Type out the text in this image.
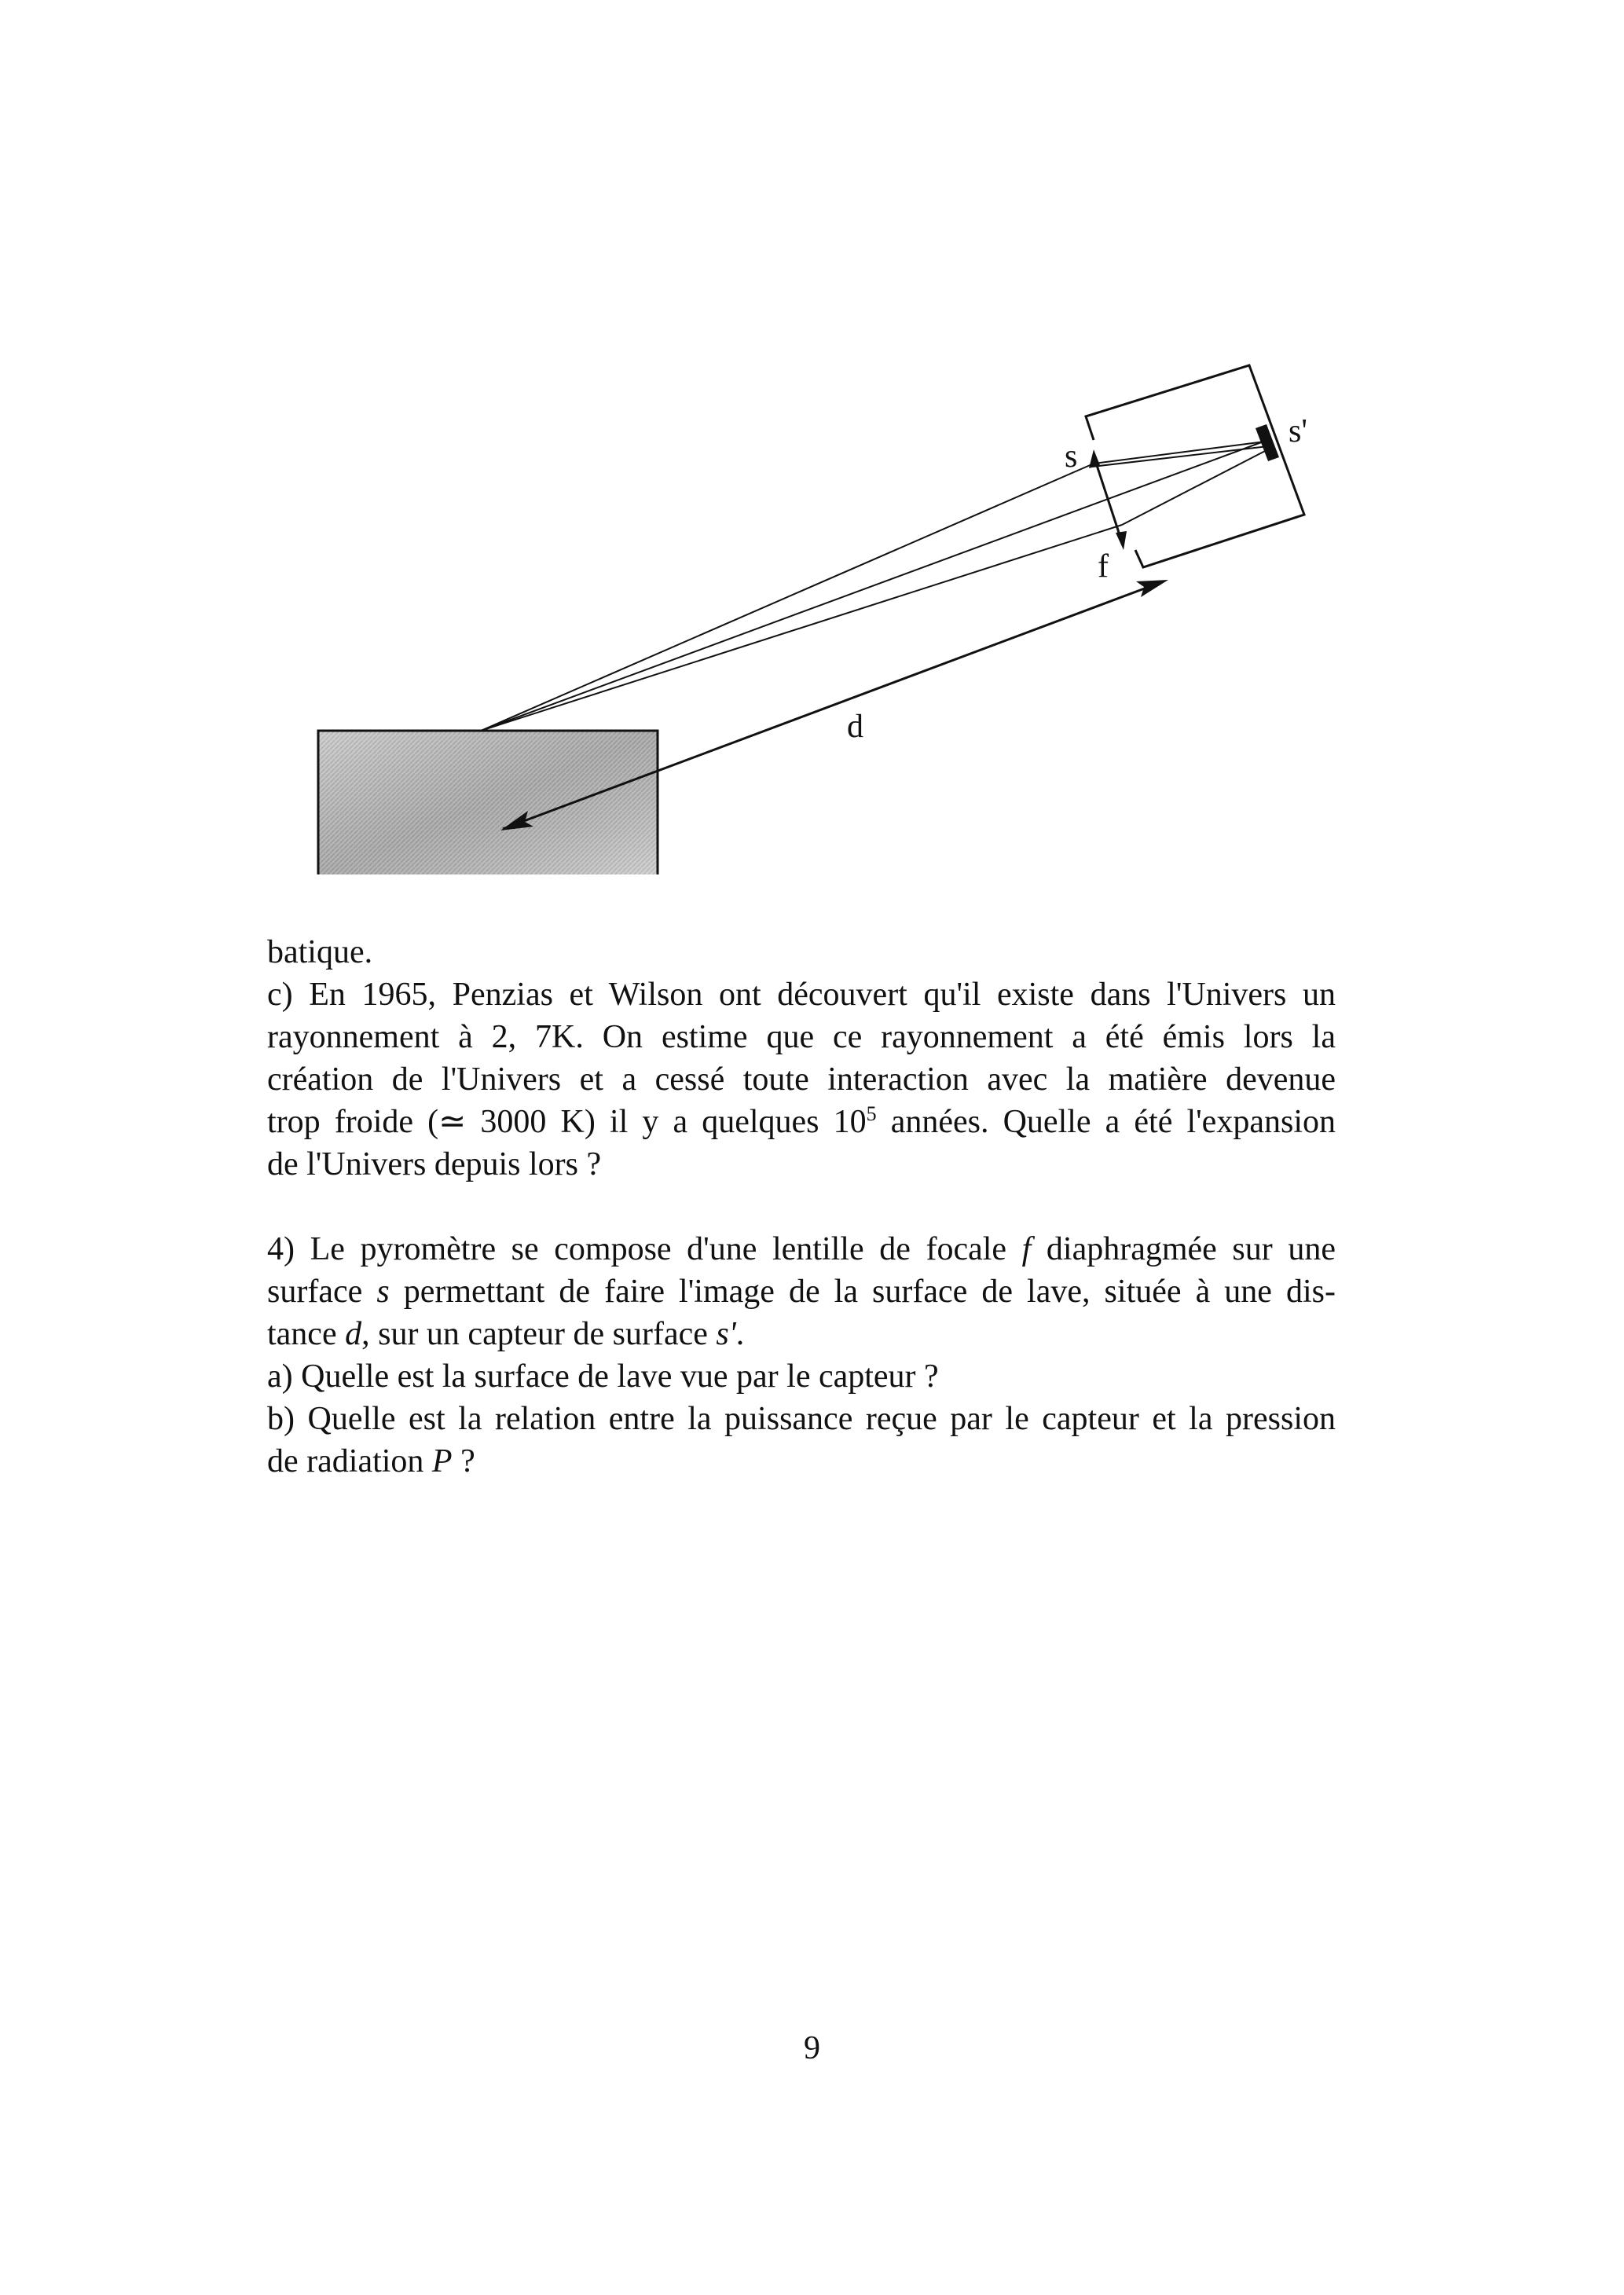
s
s'
f
d

batique.

c) En 1965, Penzias et Wilson ont découvert qu'il existe dans l'Univers un
rayonnement à 2, 7K. On estime que ce rayonnement a été émis lors la
création de l'Univers et a cessé toute interaction avec la matière devenue
trop froide (≃ 3000 K) il y a quelques $10^5$ années. Quelle a été l'expansion
de l'Univers depuis lors ?

4) Le pyromètre se compose d'une lentille de focale f diaphragmée sur une
surface s permettant de faire l'image de la surface de lave, située à une dis-
tance d, sur un capteur de surface s'.
a) Quelle est la surface de lave vue par le capteur ?
b) Quelle est la relation entre la puissance reçue par le capteur et la pression
de radiation P ?

9
